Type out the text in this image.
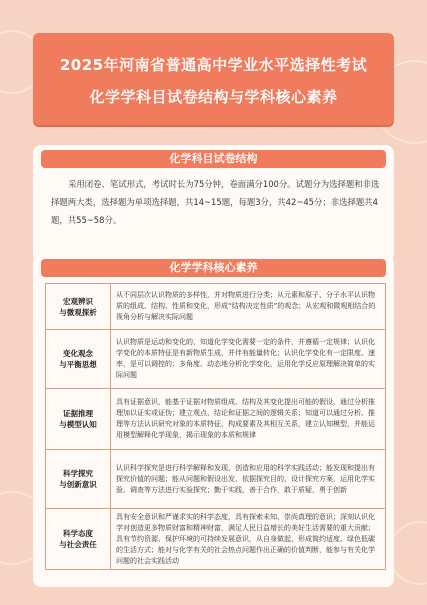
2025年河南省普通高中学业水平选择性考试
化学学科目试卷结构与学科核心素养
化学科目试卷结构
采用闭卷、笔试形式，考试时长为75分钟，卷面满分100分。试题分为选择题和非选择题两大类，选择题为单项选择题，共14~15题，每题3分，共42~45分；非选择题共4题，共55~58分。
化学学科核心素养
宏观辨识
与微观探析
从不同层次认识物质的多样性，并对物质进行分类；从元素和原子、分子水平认识物质的组成、结构、性质和变化，形成“结构决定性质”的观念；从宏观和微观相结合的视角分析与解决实际问题
变化观念
与平衡思想
认识物质是运动和变化的，知道化学变化需要一定的条件，并遵循一定规律；认识化学变化的本质特征是有新物质生成，并伴有能量转化；认识化学变化有一定限度、速率，是可以调控的；多角度、动态地分析化学变化，运用化学反应原理解决简单的实际问题
证据推理
与模型认知
具有证据意识，能基于证据对物质组成、结构及其变化提出可能的假设，通过分析推理加以证实或证伪；建立观点、结论和证据之间的逻辑关系；知道可以通过分析、推理等方法认识研究对象的本质特征、构成要素及其相互关系，建立认知模型，并能运用模型解释化学现象，揭示现象的本质和规律
科学探究
与创新意识
认识科学探究是进行科学解释和发现、创造和应用的科学实践活动；能发现和提出有探究价值的问题；能从问题和假设出发，依据探究目的，设计探究方案，运用化学实验、调查等方法进行实验探究；勤于实践，善于合作，敢于质疑，勇于创新
科学态度
与社会责任
具有安全意识和严谨求实的科学态度，具有探索未知、崇尚真理的意识；深刻认识化学对创造更多物质财富和精神财富，满足人民日益增长的美好生活需要的重大贡献；具有节约资源、保护环境的可持续发展意识，从自身做起，形成简约适度、绿色低碳的生活方式；能对与化学有关的社会热点问题作出正确的价值判断，能参与有关化学问题的社会实践活动
